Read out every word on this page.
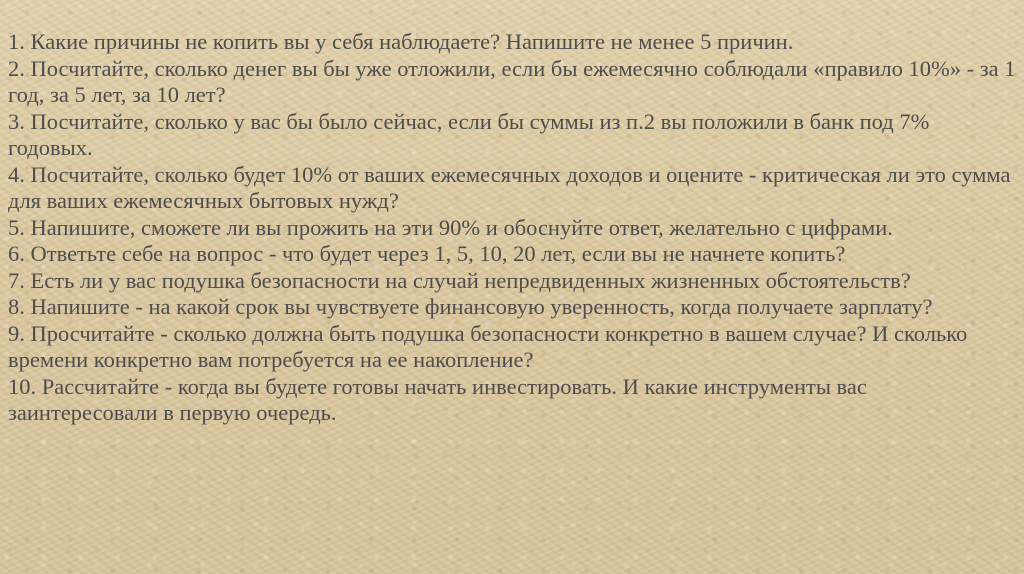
1. Какие причины не копить вы у себя наблюдаете? Напишите не менее 5 причин.

2. Посчитайте, сколько денег вы бы уже отложили, если бы ежемесячно соблюдали «правило 10%» - за 1 год, за 5 лет, за 10 лет?

3. Посчитайте, сколько у вас бы было сейчас, если бы суммы из п.2 вы положили в банк под 7% годовых.

4. Посчитайте, сколько будет 10% от ваших ежемесячных доходов и оцените - критическая ли это сумма для ваших ежемесячных бытовых нужд?

5. Напишите, сможете ли вы прожить на эти 90% и обоснуйте ответ, желательно с цифрами.

6. Ответьте себе на вопрос - что будет через 1, 5, 10, 20 лет, если вы не начнете копить?

7. Есть ли у вас подушка безопасности на случай непредвиденных жизненных обстоятельств?

8. Напишите - на какой срок вы чувствуете финансовую уверенность, когда получаете зарплату?

9. Просчитайте - сколько должна быть подушка безопасности конкретно в вашем случае? И сколько времени конкретно вам потребуется на ее накопление?

10. Рассчитайте - когда вы будете готовы начать инвестировать. И какие инструменты вас заинтересовали в первую очередь.
